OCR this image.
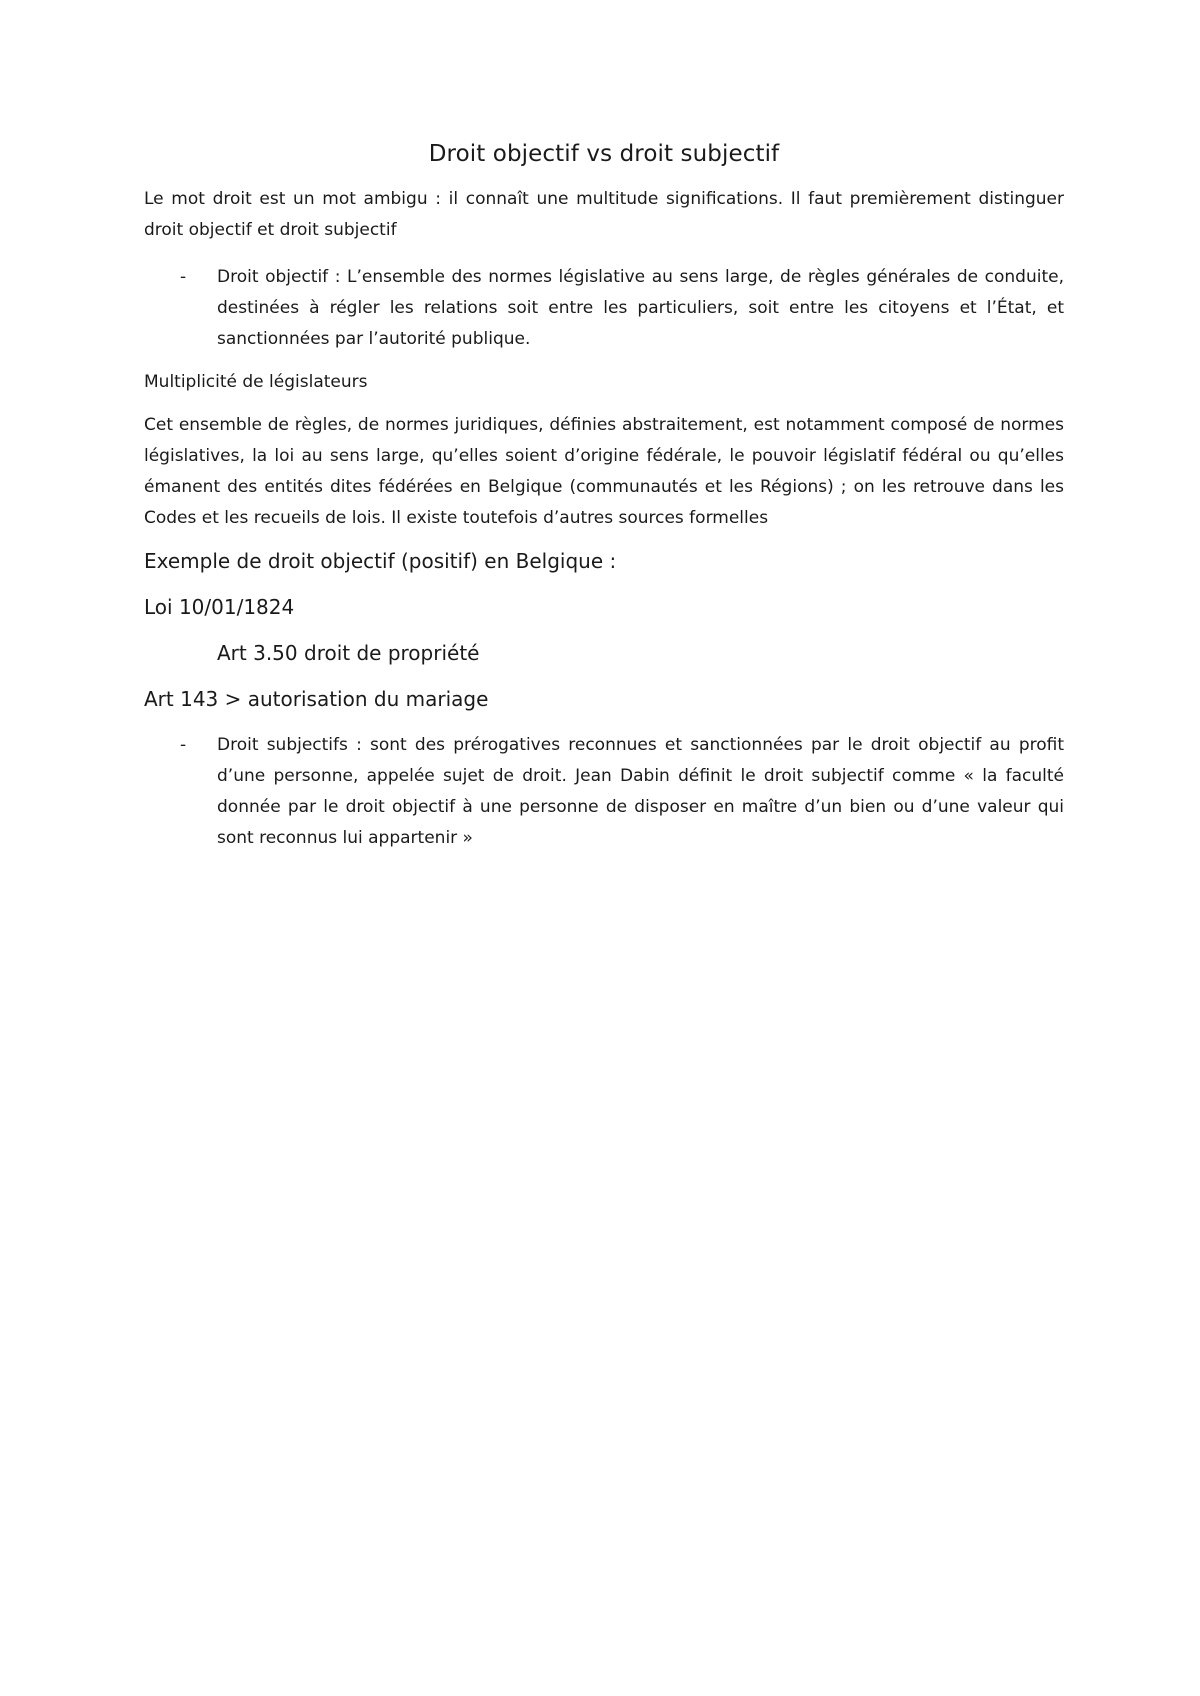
Droit objectif vs droit subjectif

Le mot droit est un mot ambigu : il connaît une multitude significations. Il faut premièrement distinguer droit objectif et droit subjectif

- Droit objectif : L’ensemble des normes législative au sens large, de règles générales de conduite, destinées à régler les relations soit entre les particuliers, soit entre les citoyens et l’État, et sanctionnées par l’autorité publique.

Multiplicité de législateurs

Cet ensemble de règles, de normes juridiques, définies abstraitement, est notamment composé de normes législatives, la loi au sens large, qu’elles soient d’origine fédérale, le pouvoir législatif fédéral ou qu’elles émanent des entités dites fédérées en Belgique (communautés et les Régions) ; on les retrouve dans les Codes et les recueils de lois. Il existe toutefois d’autres sources formelles

Exemple de droit objectif (positif) en Belgique :

Loi 10/01/1824

Art 3.50 droit de propriété

Art 143 > autorisation du mariage

- Droit subjectifs : sont des prérogatives reconnues et sanctionnées par le droit objectif au profit d’une personne, appelée sujet de droit. Jean Dabin définit le droit subjectif comme « la faculté donnée par le droit objectif à une personne de disposer en maître d’un bien ou d’une valeur qui sont reconnus lui appartenir »
